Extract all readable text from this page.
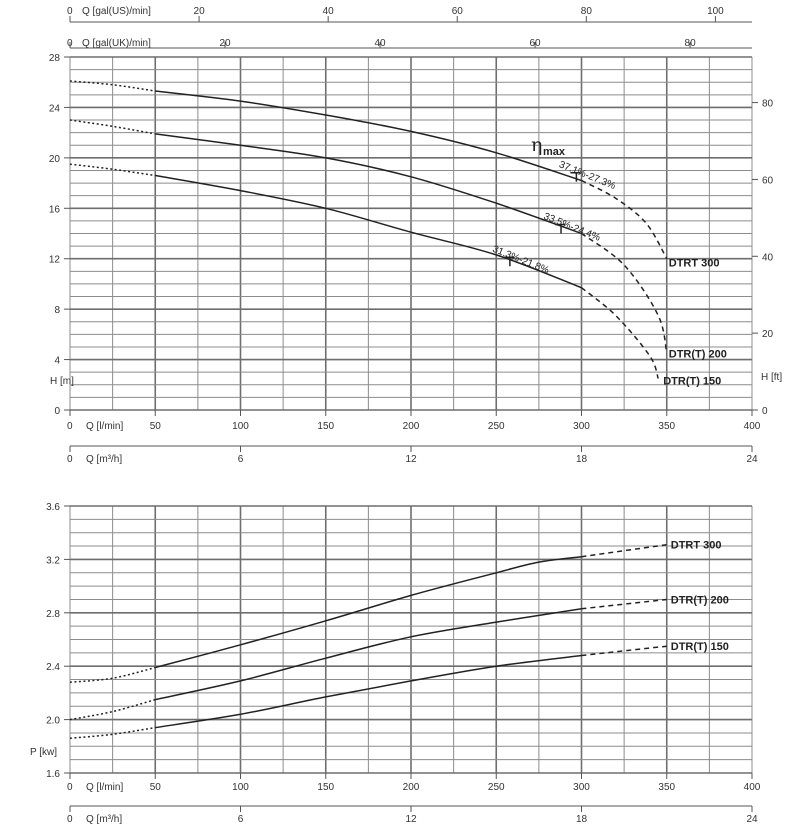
0	20	40	60	80	100
Q [gal(US)/min]
0	20	40	60	80
Q [gal(UK)/min]
0
4
8
12
16
20
24
28
0
20
40
60
80
H [m]	H [ft]
0	50	100	150	200	250	300	350	400
Q [l/min]
0	6	12	18	24
Q [m³/h]
DTRT 300
37.1%-27.3%
DTR(T) 200
33.5%-24.4%
DTR(T) 150
31.3%-21.8%
η max
1.6
2.0
2.4
2.8
3.2
3.6
P [kw]
0	50	100	150	200	250	300	350	400
Q [l/min]
0	6	12	18	24
Q [m³/h]
DTRT 300
DTR(T) 200
DTR(T) 150
